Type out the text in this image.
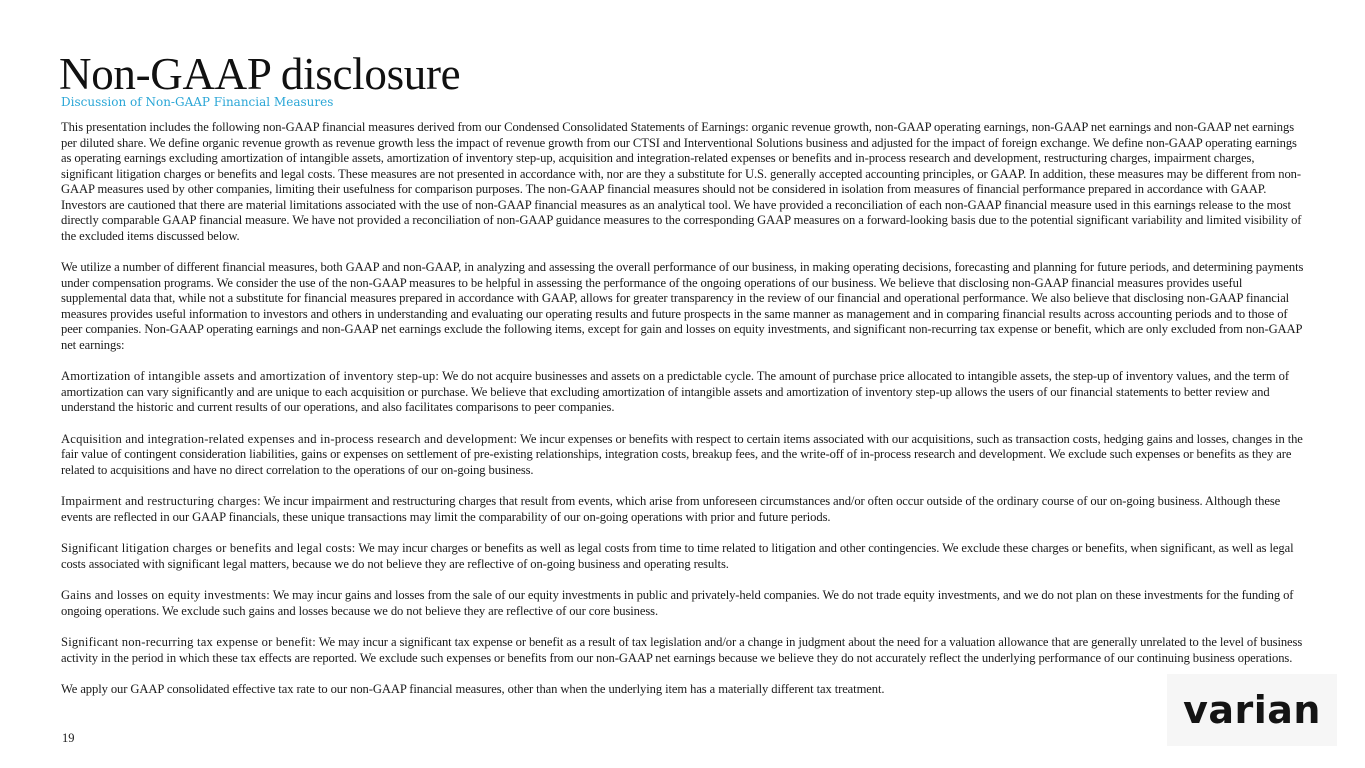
Non-GAAP disclosure
Discussion of Non-GAAP Financial Measures

This presentation includes the following non-GAAP financial measures derived from our Condensed Consolidated Statements of Earnings: organic revenue growth, non-GAAP operating earnings, non-GAAP net earnings and non-GAAP net earnings per diluted share. We define organic revenue growth as revenue growth less the impact of revenue growth from our CTSI and Interventional Solutions business and adjusted for the impact of foreign exchange. We define non-GAAP operating earnings as operating earnings excluding amortization of intangible assets, amortization of inventory step-up, acquisition and integration-related expenses or benefits and in-process research and development, restructuring charges, impairment charges, significant litigation charges or benefits and legal costs. These measures are not presented in accordance with, nor are they a substitute for U.S. generally accepted accounting principles, or GAAP. In addition, these measures may be different from non-GAAP measures used by other companies, limiting their usefulness for comparison purposes. The non-GAAP financial measures should not be considered in isolation from measures of financial performance prepared in accordance with GAAP. Investors are cautioned that there are material limitations associated with the use of non-GAAP financial measures as an analytical tool. We have provided a reconciliation of each non-GAAP financial measure used in this earnings release to the most directly comparable GAAP financial measure. We have not provided a reconciliation of non-GAAP guidance measures to the corresponding GAAP measures on a forward-looking basis due to the potential significant variability and limited visibility of the excluded items discussed below.

We utilize a number of different financial measures, both GAAP and non-GAAP, in analyzing and assessing the overall performance of our business, in making operating decisions, forecasting and planning for future periods, and determining payments under compensation programs. We consider the use of the non-GAAP measures to be helpful in assessing the performance of the ongoing operations of our business. We believe that disclosing non-GAAP financial measures provides useful supplemental data that, while not a substitute for financial measures prepared in accordance with GAAP, allows for greater transparency in the review of our financial and operational performance. We also believe that disclosing non-GAAP financial measures provides useful information to investors and others in understanding and evaluating our operating results and future prospects in the same manner as management and in comparing financial results across accounting periods and to those of peer companies. Non-GAAP operating earnings and non-GAAP net earnings exclude the following items, except for gain and losses on equity investments, and significant non-recurring tax expense or benefit, which are only excluded from non-GAAP net earnings:

Amortization of intangible assets and amortization of inventory step-up: We do not acquire businesses and assets on a predictable cycle. The amount of purchase price allocated to intangible assets, the step-up of inventory values, and the term of amortization can vary significantly and are unique to each acquisition or purchase. We believe that excluding amortization of intangible assets and amortization of inventory step-up allows the users of our financial statements to better review and understand the historic and current results of our operations, and also facilitates comparisons to peer companies.

Acquisition and integration-related expenses and in-process research and development: We incur expenses or benefits with respect to certain items associated with our acquisitions, such as transaction costs, hedging gains and losses, changes in the fair value of contingent consideration liabilities, gains or expenses on settlement of pre-existing relationships, integration costs, breakup fees, and the write-off of in-process research and development. We exclude such expenses or benefits as they are related to acquisitions and have no direct correlation to the operations of our on-going business.

Impairment and restructuring charges: We incur impairment and restructuring charges that result from events, which arise from unforeseen circumstances and/or often occur outside of the ordinary course of our on-going business. Although these events are reflected in our GAAP financials, these unique transactions may limit the comparability of our on-going operations with prior and future periods.

Significant litigation charges or benefits and legal costs: We may incur charges or benefits as well as legal costs from time to time related to litigation and other contingencies. We exclude these charges or benefits, when significant, as well as legal costs associated with significant legal matters, because we do not believe they are reflective of on-going business and operating results.

Gains and losses on equity investments: We may incur gains and losses from the sale of our equity investments in public and privately-held companies. We do not trade equity investments, and we do not plan on these investments for the funding of ongoing operations. We exclude such gains and losses because we do not believe they are reflective of our core business.

Significant non-recurring tax expense or benefit: We may incur a significant tax expense or benefit as a result of tax legislation and/or a change in judgment about the need for a valuation allowance that are generally unrelated to the level of business activity in the period in which these tax effects are reported. We exclude such expenses or benefits from our non-GAAP net earnings because we believe they do not accurately reflect the underlying performance of our continuing business operations.

We apply our GAAP consolidated effective tax rate to our non-GAAP financial measures, other than when the underlying item has a materially different tax treatment.

19
varian
